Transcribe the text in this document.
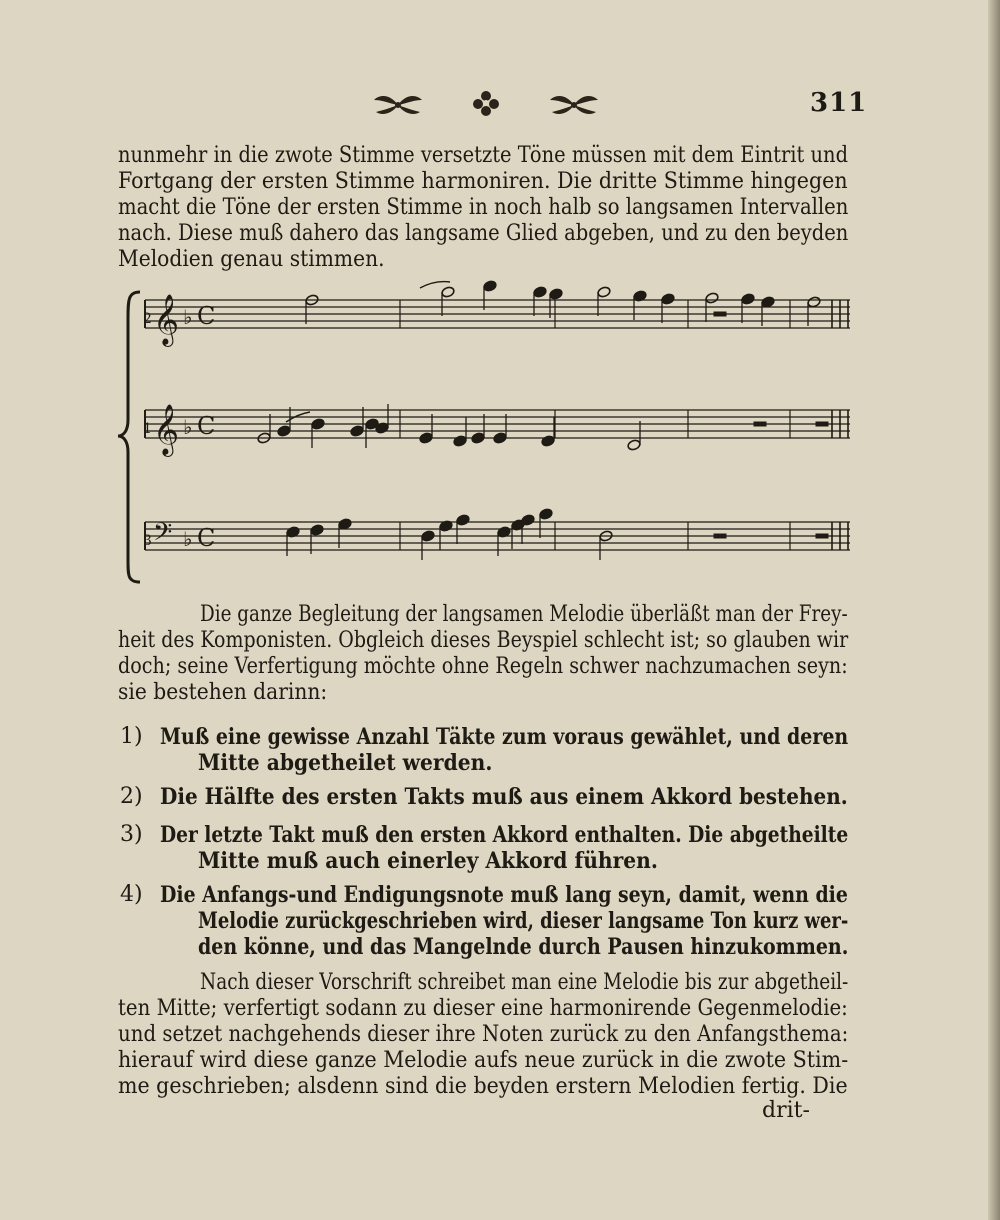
311
nunmehr in die zwote Stimme versetzte Töne müssen mit dem Eintrit und
Fortgang der ersten Stimme harmoniren. Die dritte Stimme hingegen
macht die Töne der ersten Stimme in noch halb so langsamen Intervallen
nach. Diese muß dahero das langsame Glied abgeben, und zu den beyden
Melodien genau stimmen.
2 𝄞 ♭ C
1 𝄞 ♭ C
3 𝄢 ♭ C
Die ganze Begleitung der langsamen Melodie überläßt man der Frey-
heit des Komponisten. Obgleich dieses Beyspiel schlecht ist; so glauben wir
doch; seine Verfertigung möchte ohne Regeln schwer nachzumachen seyn:
sie bestehen darinn:
1) Muß eine gewisse Anzahl Täkte zum voraus gewählet, und deren
Mitte abgetheilet werden.
2) Die Hälfte des ersten Takts muß aus einem Akkord bestehen.
3) Der letzte Takt muß den ersten Akkord enthalten. Die abgetheilte
Mitte muß auch einerley Akkord führen.
4) Die Anfangs-und Endigungsnote muß lang seyn, damit, wenn die
Melodie zurückgeschrieben wird, dieser langsame Ton kurz wer-
den könne, und das Mangelnde durch Pausen hinzukommen.
Nach dieser Vorschrift schreibet man eine Melodie bis zur abgetheil-
ten Mitte; verfertigt sodann zu dieser eine harmonirende Gegenmelodie:
und setzet nachgehends dieser ihre Noten zurück zu den Anfangsthema:
hierauf wird diese ganze Melodie aufs neue zurück in die zwote Stim-
me geschrieben; alsdenn sind die beyden erstern Melodien fertig. Die
drit-
